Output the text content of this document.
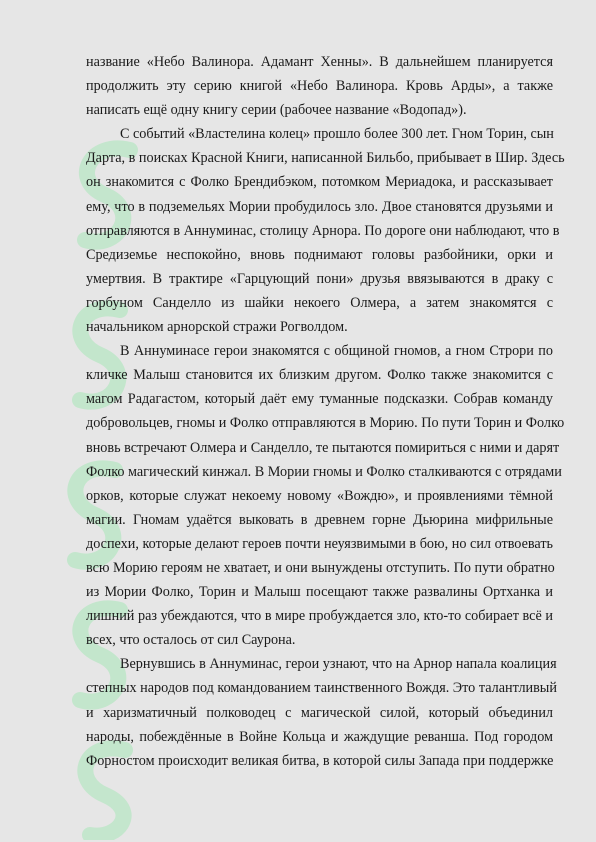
название «Небо Валинора. Адамант Хенны». В дальнейшем планируется
продолжить эту серию книгой «Небо Валинора. Кровь Арды», а также
написать ещё одну книгу серии (рабочее название «Водопад»).

С событий «Властелина колец» прошло более 300 лет. Гном Торин, сын
Дарта, в поисках Красной Книги, написанной Бильбо, прибывает в Шир. Здесь
он знакомится с Фолко Брендибэком, потомком Мериадока, и рассказывает
ему, что в подземельях Мории пробудилось зло. Двое становятся друзьями и
отправляются в Аннуминас, столицу Арнора. По дороге они наблюдают, что в
Средиземье неспокойно, вновь поднимают головы разбойники, орки и
умертвия. В трактире «Гарцующий пони» друзья ввязываются в драку с
горбуном Санделло из шайки некоего Олмера, а затем знакомятся с
начальником арнорской стражи Рогволдом.

В Аннуминасе герои знакомятся с общиной гномов, а гном Строри по
кличке Малыш становится их близким другом. Фолко также знакомится с
магом Радагастом, который даёт ему туманные подсказки. Собрав команду
добровольцев, гномы и Фолко отправляются в Морию. По пути Торин и Фолко
вновь встречают Олмера и Санделло, те пытаются помириться с ними и дарят
Фолко магический кинжал. В Мории гномы и Фолко сталкиваются с отрядами
орков, которые служат некоему новому «Вождю», и проявлениями тёмной
магии. Гномам удаётся выковать в древнем горне Дьюрина мифрильные
доспехи, которые делают героев почти неуязвимыми в бою, но сил отвоевать
всю Морию героям не хватает, и они вынуждены отступить. По пути обратно
из Мории Фолко, Торин и Малыш посещают также развалины Ортханка и
лишний раз убеждаются, что в мире пробуждается зло, кто-то собирает всё и
всех, что осталось от сил Саурона.

Вернувшись в Аннуминас, герои узнают, что на Арнор напала коалиция
степных народов под командованием таинственного Вождя. Это талантливый
и харизматичный полководец с магической силой, который объединил
народы, побеждённые в Войне Кольца и жаждущие реванша. Под городом
Форностом происходит великая битва, в которой силы Запада при поддержке
